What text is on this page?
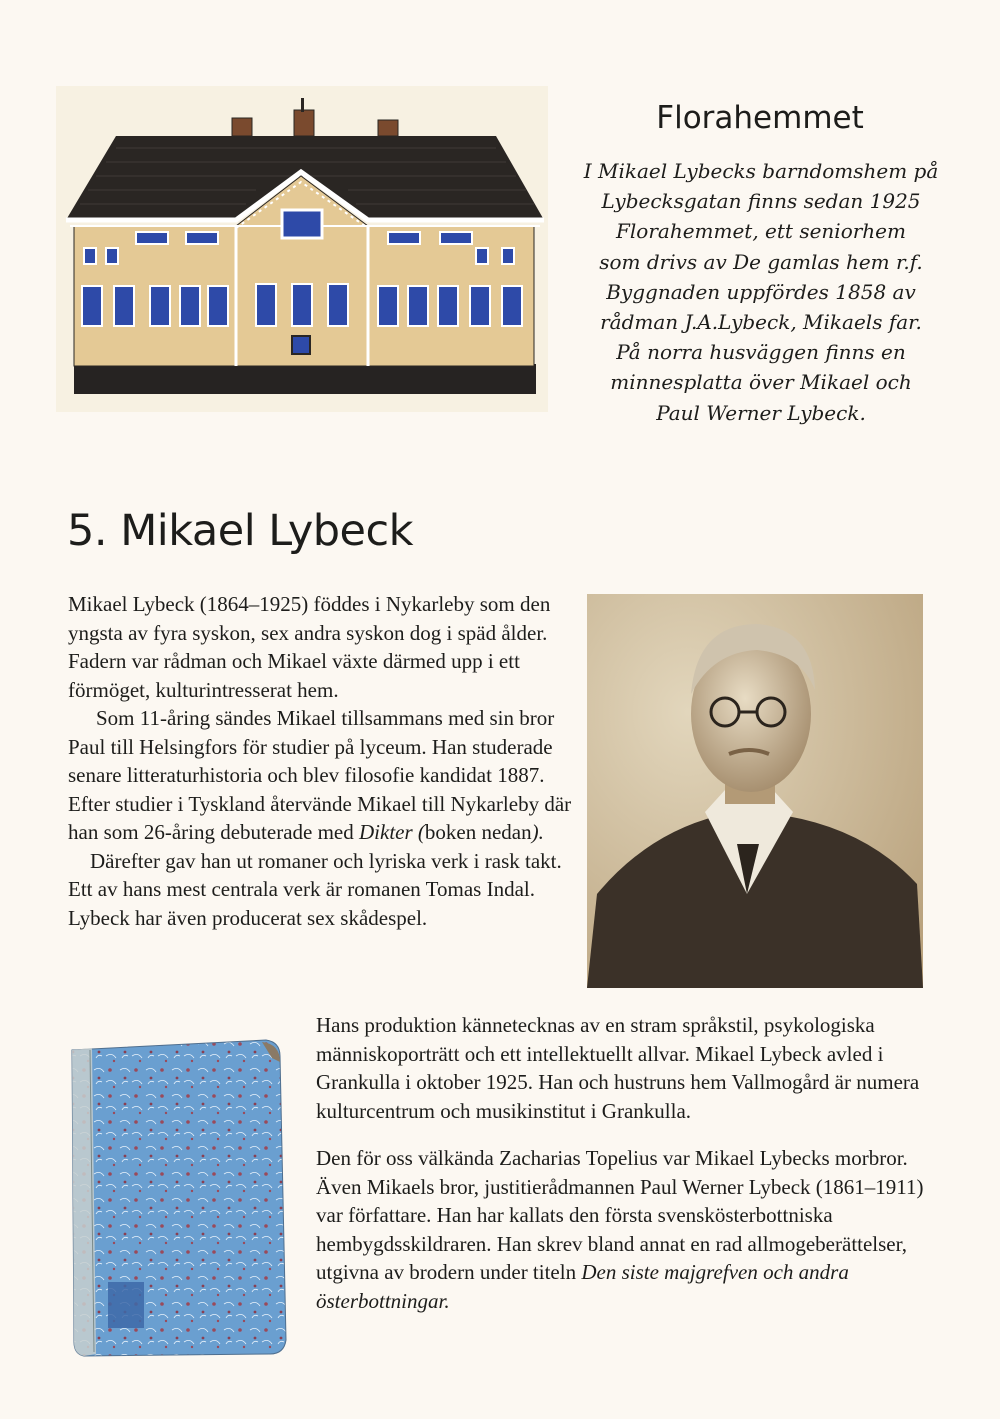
Florahemmet
I Mikael Lybecks barndomshem på
Lybecksgatan finns sedan 1925
Florahemmet, ett seniorhem
som drivs av De gamlas hem r.f.
Byggnaden uppfördes 1858 av
rådman J.A.Lybeck, Mikaels far.
På norra husväggen finns en
minnesplatta över Mikael och
Paul Werner Lybeck.
5. Mikael Lybeck

Mikael Lybeck (1864–1925) föddes i Nykarleby som den yngsta av fyra syskon, sex andra syskon dog i späd ålder. Fadern var rådman och Mikael växte därmed upp i ett förmöget, kulturintresserat hem.

Som 11-åring sändes Mikael tillsammans med sin bror Paul till Helsingfors för studier på lyceum. Han studerade senare litteraturhistoria och blev filosofie kandidat 1887. Efter studier i Tyskland återvände Mikael till Nykarleby där han som 26-åring debuterade med Dikter (boken nedan).

Därefter gav han ut romaner och lyriska verk i rask takt. Ett av hans mest centrala verk är romanen Tomas Indal. Lybeck har även producerat sex skådespel.

Hans produktion kännetecknas av en stram språkstil, psykologiska människoporträtt och ett intellektuellt allvar. Mikael Lybeck avled i Grankulla i oktober 1925. Han och hustruns hem Vallmogård är numera kulturcentrum och musikinstitut i Grankulla.

Den för oss välkända Zacharias Topelius var Mikael Lybecks morbror. Även Mikaels bror, justitierådmannen Paul Werner Lybeck (1861–1911) var författare. Han har kallats den första svenskösterbottniska hembygdsskildraren. Han skrev bland annat en rad allmogeberättelser, utgivna av brodern under titeln Den siste majgrefven och andra österbottningar.
